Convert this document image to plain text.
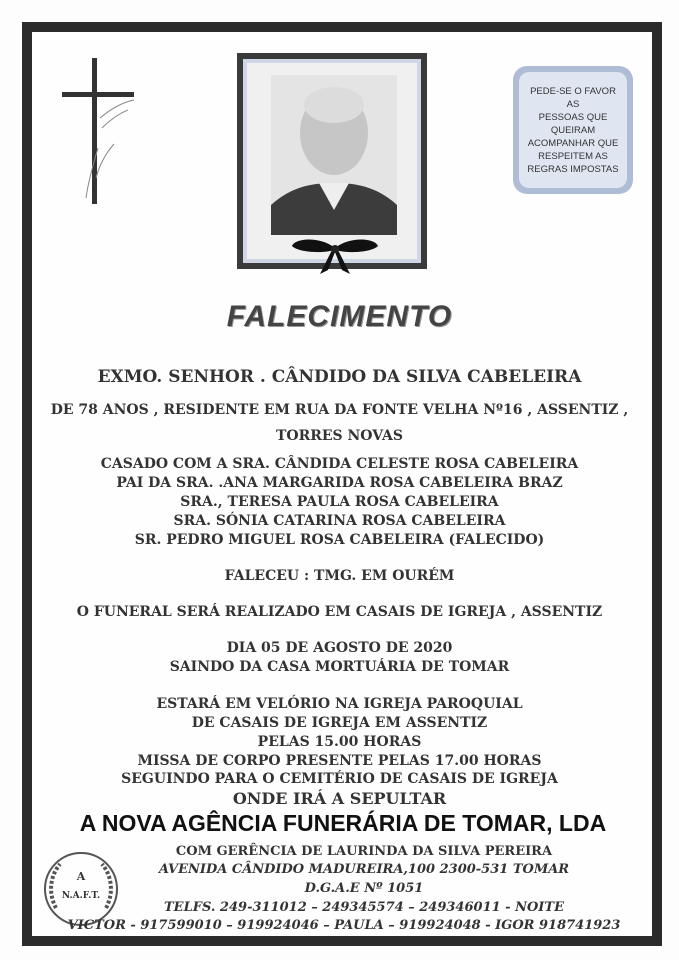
PEDE-SE O FAVOR AS
PESSOAS QUE
QUEIRAM
ACOMPANHAR QUE
RESPEITEM AS
REGRAS IMPOSTAS
FALECIMENTO
EXMO. SENHOR . CÂNDIDO DA SILVA CABELEIRA
DE 78 ANOS , RESIDENTE EM RUA DA FONTE VELHA Nº16 , ASSENTIZ ,
TORRES NOVAS
CASADO COM A SRA. CÂNDIDA CELESTE ROSA CABELEIRA
PAI DA SRA. .ANA MARGARIDA ROSA CABELEIRA BRAZ
SRA., TERESA PAULA ROSA CABELEIRA
SRA. SÓNIA CATARINA ROSA CABELEIRA
SR. PEDRO MIGUEL ROSA CABELEIRA (FALECIDO)
FALECEU : TMG. EM OURÉM
O FUNERAL SERÁ REALIZADO EM CASAIS DE IGREJA , ASSENTIZ
DIA 05 DE AGOSTO DE 2020
SAINDO DA CASA MORTUÁRIA DE TOMAR
ESTARÁ EM VELÓRIO NA IGREJA PAROQUIAL
DE CASAIS DE IGREJA EM ASSENTIZ
PELAS 15.00 HORAS
MISSA DE CORPO PRESENTE PELAS 17.00 HORAS
SEGUINDO PARA O CEMITÉRIO DE CASAIS DE IGREJA
ONDE IRÁ A SEPULTAR
A NOVA AGÊNCIA FUNERÁRIA DE TOMAR, LDA
A
N.A.F.T.
COM GERÊNCIA DE LAURINDA DA SILVA PEREIRA
AVENIDA CÂNDIDO MADUREIRA,100 2300-531 TOMAR
D.G.A.E Nº 1051
TELFS. 249-311012 – 249345574 – 249346011 - NOITE
VICTOR - 917599010 – 919924046 – PAULA – 919924048 - IGOR 918741923
